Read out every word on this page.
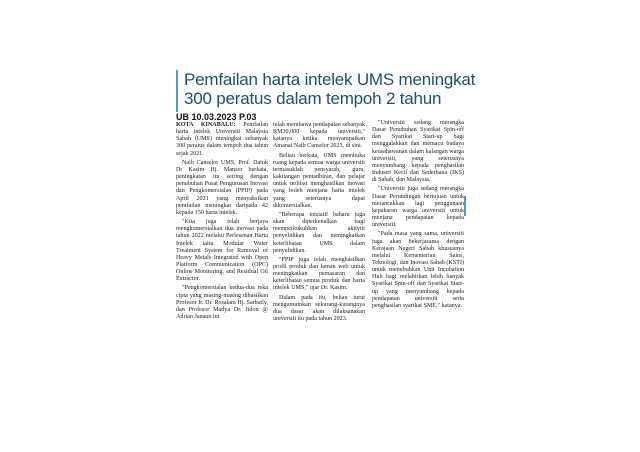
Pemfailan harta intelek UMS meningkat
300 peratus dalam tempoh 2 tahun
UB 10.03.2023 P.03

KOTA KINABALU: Pemfailan harta intelek Universiti Malaysia Sabah (UMS) meningkat sebanyak 300 peratus dalam tempoh dua tahun sejak 2021.

Naib Canselor UMS, Prof. Datuk Dr Kasim Hj. Mansor berkata, peningkatan itu seiring dengan penubuhan Pusat Pengurusan Inovasi dan Pengkomersialan (PPIP) pada April 2021 yang menyaksikan pemfailan meningkat daripada 42 kepada 150 harta intelek.

"Kita juga telah berjaya mengkomersialkan dua inovasi pada tahun 2022 melalui Perlesenan Harta Intelek iaitu Modular Water Treatment System for Removal of Heavy Metals Integrated with Open Platform Communication (OPC) Online Monitoring, and Residual Oil Extractor.

"Pengkomersialan kedua-dua reka cipta yang masing-masing dihasilkan Profesor Ir. Dr. Rosalam Hj. Sarbatly, dan Profesor Madya Dr. Jidon @ Adrian Janaun ini

telah membawa pendapatan sebanyak RM30,000 kepada universiti," katanya ketika menyampaikan Amanat Naib Canselor 2023, di sini.

Beliau berkata, UMS membuka ruang kepada semua warga universiti termasuklah pensyarah, guru, kakitangan pentadbiran, dan pelajar untuk terlibat menghasilkan inovasi yang boleh menjana harta intelek yang seterusnya dapat dikomersialkan.

"Beberapa inisiatif baharu juga akan diperkenalkan bagi memperkukuhkan aktiviti penyelidikan dan meningkatkan keterlihatan UMS dalam penyelidikan.

"PPIP juga telah menghasilkan profil produk dan laman web untuk meningkatkan pemasaran dan keterlihatan semua produk dan harta intelek UMS," ujar Dr. Kasim.

Dalam pada itu, beliau turut mengumumkan sekurang-kurangnya dua dasar akan dilaksanakan universiti itu pada tahun 2023.

"Universiti sedang merangka Dasar Penubuhan Syarikat Spin-off dan Syarikat Start-up bagi menggalakkan dan memacu budaya keusahawanan dalam kalangan warga universiti, yang seterusnya menyumbang kepada penghasilan Industri Kecil dan Sederhana (IKS) di Sabah, dan Malaysia.

"Universiti juga sedang merangka Dasar Perundingan bertujuan untuk merancakkan lagi penggunaan kepakaran warga universiti untuk menjana pendapatan kepada universiti.

"Pada masa yang sama, universiti juga akan bekerjasama dengan Kerajaan Negeri Sabah khususnya melalui Kementerian Sains, Teknologi, dan Inovasi Sabah (KSTI) untuk menubuhkan Unit Incubation Hub bagi melahirkan lebih banyak Syarikat Spin-off dan Syarikat Start-up yang menyumbang kepada pendapatan universiti serta penghasilan syarikat SME," katanya.
